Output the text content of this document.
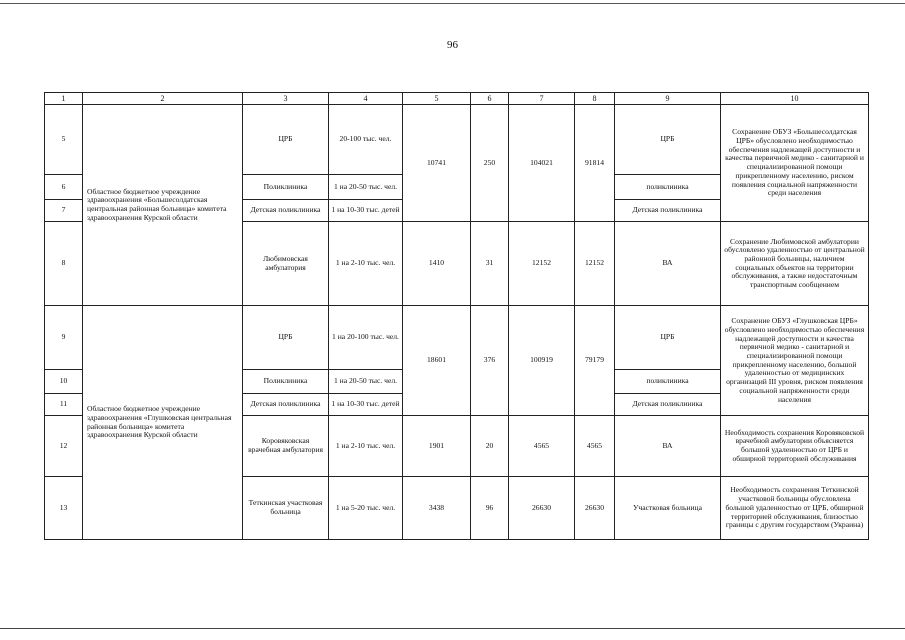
96
1	2	3	4	5	6	7	8	9	10
5	Областное бюджетное учреждение здравоохранения «Большесолдатская центральная районная больница» комитета здравоохранения Курской области	ЦРБ	20-100 тыс. чел.	10741	250	104021	91814	ЦРБ	Сохранение ОБУЗ «Большесолдатская ЦРБ» обусловлено необходимостью обеспечения надлежащей доступности и качества первичной медико - санитарной и специализированной помощи прикрепленному населению, риском появления социальной напряженности среди населения
6		Поликлиника	1 на 20-50 тыс. чел.					поликлиника	
7		Детская поликлиника	1 на 10-30 тыс. детей					Детская поликлиника	
8		Любимовская амбулатория	1 на 2-10 тыс. чел.	1410	31	12152	12152	ВА	Сохранение Любимовской амбулатории обусловлено удаленностью от центральной районной больницы, наличием социальных объектов на территории обслуживания, а также недостаточным транспортным сообщением
9	Областное бюджетное учреждение здравоохранения «Глушковская центральная районная больница» комитета здравоохранения Курской области	ЦРБ	1 на 20-100 тыс. чел.	18601	376	100919	79179	ЦРБ	Сохранение ОБУЗ «Глушковская ЦРБ» обусловлено необходимостью обеспечения надлежащей доступности и качества первичной медико - санитарной и специализированной помощи прикрепленному населению, большой удаленностью от медицинских организаций III уровня, риском появления социальной напряженности среди населения
10		Поликлиника	1 на 20-50 тыс. чел.					поликлиника	
11		Детская поликлиника	1 на 10-30 тыс. детей					Детская поликлиника	
12		Коровяковская врачебная амбулатория	1 на 2-10 тыс. чел.	1901	20	4565	4565	ВА	Необходимость сохранения Коровяковской врачебной амбулатории объясняется большой удаленностью от ЦРБ и обширной территорией обслуживания
13		Теткинская участковая больница	1 на 5-20 тыс. чел.	3438	96	26630	26630	Участковая больница	Необходимость сохранения Теткинской участковой больницы обусловлена большой удаленностью от ЦРБ, обширной территорией обслуживания, близостью границы с другим государством (Украина)
